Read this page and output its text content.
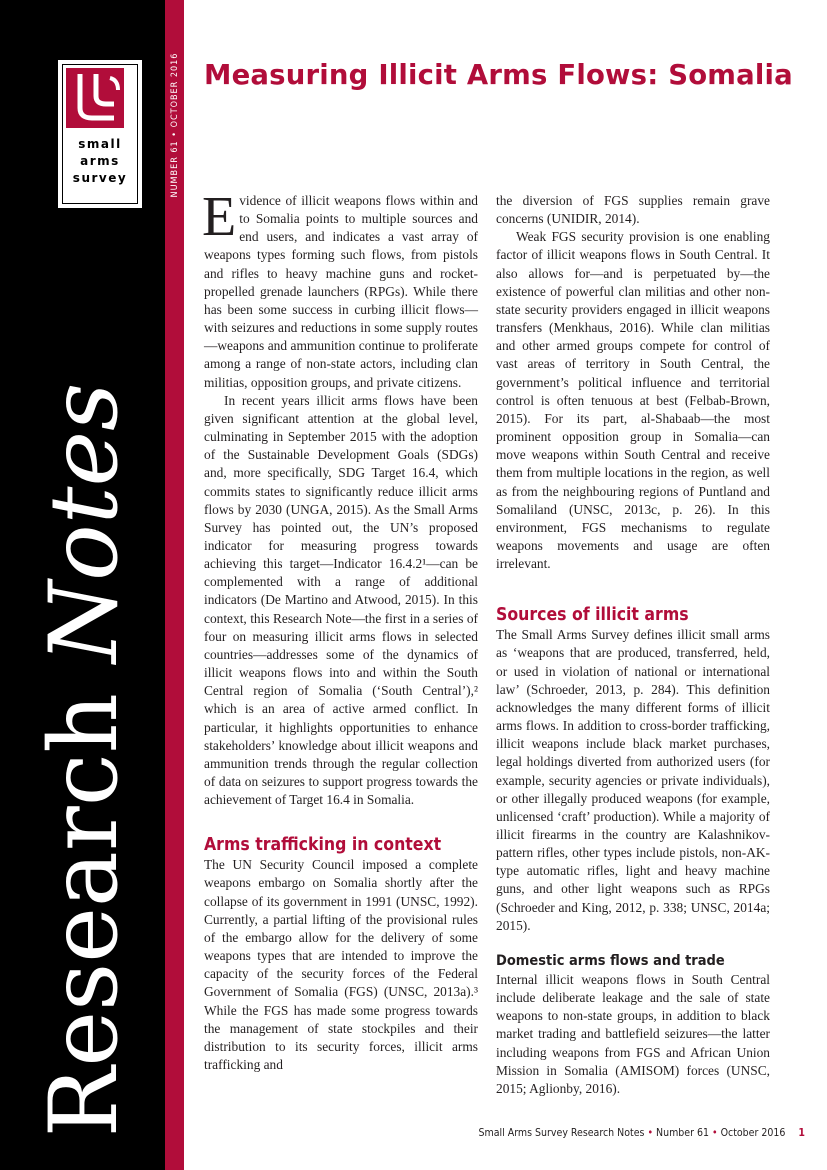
small
arms
survey
Research Notes
NUMBER 61 • OCTOBER 2016 Measuring Illicit Arms Flows: Somalia

Evidence of illicit weapons flows within and to Somalia points to multiple sources and end users, and indicates a vast array of weapons types forming such flows, from pistols and rifles to heavy machine guns and rocket-propelled grenade launchers (RPGs). While there has been some success in curbing illicit flows—with seizures and reductions in some supply routes—weapons and ammunition continue to proliferate among a range of non-state actors, including clan militias, opposition groups, and private citizens.

In recent years illicit arms flows have been given significant attention at the global level, culminating in September 2015 with the adoption of the Sustainable Development Goals (SDGs) and, more specifically, SDG Target 16.4, which commits states to significantly reduce illicit arms flows by 2030 (UNGA, 2015). As the Small Arms Survey has pointed out, the UN’s proposed indicator for measuring progress towards achieving this target—Indicator 16.4.2¹—can be complemented with a range of additional indicators (De Martino and Atwood, 2015). In this context, this Research Note—the first in a series of four on measuring illicit arms flows in selected countries—addresses some of the dynamics of illicit weapons flows into and within the South Central region of Somalia (‘South Central’),² which is an area of active armed conflict. In particular, it highlights opportunities to enhance stakeholders’ knowledge about illicit weapons and ammunition trends through the regular collection of data on seizures to support progress towards the achievement of Target 16.4 in Somalia.

Arms trafficking in context

The UN Security Council imposed a complete weapons embargo on Somalia shortly after the collapse of its government in 1991 (UNSC, 1992). Currently, a partial lifting of the provisional rules of the embargo allow for the delivery of some weapons types that are intended to improve the capacity of the security forces of the Federal Government of Somalia (FGS) (UNSC, 2013a).³ While the FGS has made some progress towards the management of state stockpiles and their distribution to its security forces, illicit arms trafficking and

the diversion of FGS supplies remain grave concerns (UNIDIR, 2014).

Weak FGS security provision is one enabling factor of illicit weapons flows in South Central. It also allows for—and is perpetuated by—the existence of powerful clan militias and other non-state security providers engaged in illicit weapons transfers (Menkhaus, 2016). While clan militias and other armed groups compete for control of vast areas of territory in South Central, the government’s political influence and territorial control is often tenuous at best (Felbab-Brown, 2015). For its part, al-Shabaab—the most prominent opposition group in Somalia—can move weapons within South Central and receive them from multiple locations in the region, as well as from the neighbouring regions of Puntland and Somaliland (UNSC, 2013c, p. 26). In this environment, FGS mechanisms to regulate weapons movements and usage are often irrelevant.

Sources of illicit arms

The Small Arms Survey defines illicit small arms as ‘weapons that are produced, transferred, held, or used in violation of national or international law’ (Schroeder, 2013, p. 284). This definition acknowledges the many different forms of illicit arms flows. In addition to cross-border trafficking, illicit weapons include black market purchases, legal holdings diverted from authorized users (for example, security agencies or private individuals), or other illegally produced weapons (for example, unlicensed ‘craft’ production). While a majority of illicit firearms in the country are Kalashnikov-pattern rifles, other types include pistols, non-AK-type automatic rifles, light and heavy machine guns, and other light weapons such as RPGs (Schroeder and King, 2012, p. 338; UNSC, 2014a; 2015).

Domestic arms flows and trade

Internal illicit weapons flows in South Central include deliberate leakage and the sale of state weapons to non-state groups, in addition to black market trading and battlefield seizures—the latter including weapons from FGS and African Union Mission in Somalia (AMISOM) forces (UNSC, 2015; Aglionby, 2016).

Small Arms Survey Research Notes • Number 61 • October 2016 1
